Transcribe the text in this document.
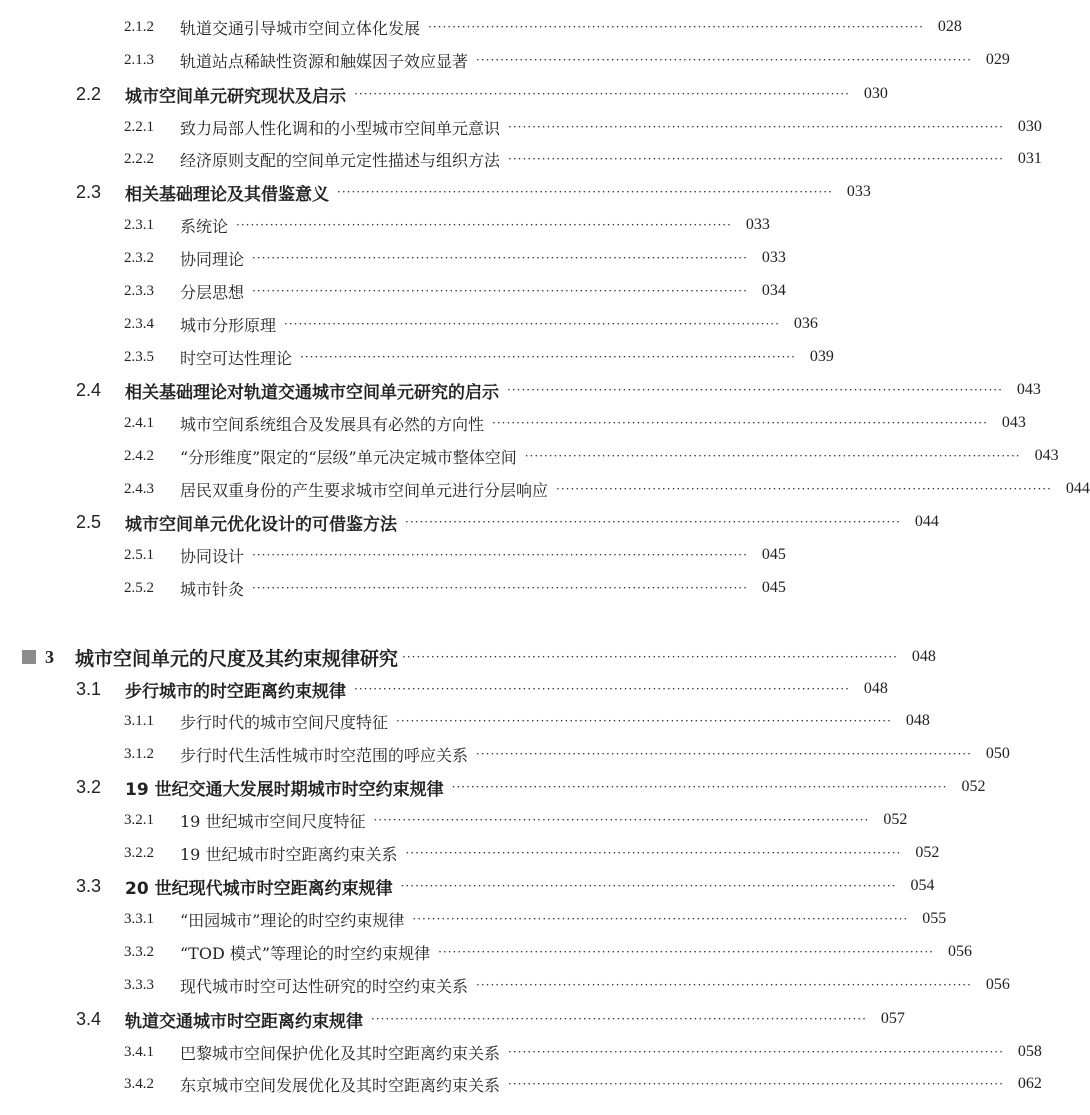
2.1.2	轨道交通引导城市空间立体化发展 ······································································································· 028
2.1.3	轨道站点稀缺性资源和触媒因子效应显著 ······································································································· 029
2.2	城市空间单元研究现状及启示 ······································································································· 030
2.2.1	致力局部人性化调和的小型城市空间单元意识 ······································································································· 030
2.2.2	经济原则支配的空间单元定性描述与组织方法 ······································································································· 031
2.3	相关基础理论及其借鉴意义 ······································································································· 033
2.3.1	系统论 ······································································································· 033
2.3.2	协同理论 ······································································································· 033
2.3.3	分层思想 ······································································································· 034
2.3.4	城市分形原理 ······································································································· 036
2.3.5	时空可达性理论 ······································································································· 039
2.4	相关基础理论对轨道交通城市空间单元研究的启示 ······································································································· 043
2.4.1	城市空间系统组合及发展具有必然的方向性 ······································································································· 043
2.4.2	“分形维度”限定的“层级”单元决定城市整体空间 ······································································································· 043
2.4.3	居民双重身份的产生要求城市空间单元进行分层响应 ······································································································· 044
2.5	城市空间单元优化设计的可借鉴方法 ······································································································· 044
2.5.1	协同设计 ······································································································· 045
2.5.2	城市针灸 ······································································································· 045
3	城市空间单元的尺度及其约束规律研究 ······································································································· 048
3.1	步行城市的时空距离约束规律 ······································································································· 048
3.1.1	步行时代的城市空间尺度特征 ······································································································· 048
3.1.2	步行时代生活性城市时空范围的呼应关系 ······································································································· 050
3.2	19 世纪交通大发展时期城市时空约束规律 ······································································································· 052
3.2.1	19 世纪城市空间尺度特征 ······································································································· 052
3.2.2	19 世纪城市时空距离约束关系 ······································································································· 052
3.3	20 世纪现代城市时空距离约束规律 ······································································································· 054
3.3.1	“田园城市”理论的时空约束规律 ······································································································· 055
3.3.2	“TOD 模式”等理论的时空约束规律 ······································································································· 056
3.3.3	现代城市时空可达性研究的时空约束关系 ······································································································· 056
3.4	轨道交通城市时空距离约束规律 ······································································································· 057
3.4.1	巴黎城市空间保护优化及其时空距离约束关系 ······································································································· 058
3.4.2	东京城市空间发展优化及其时空距离约束关系 ······································································································· 062
